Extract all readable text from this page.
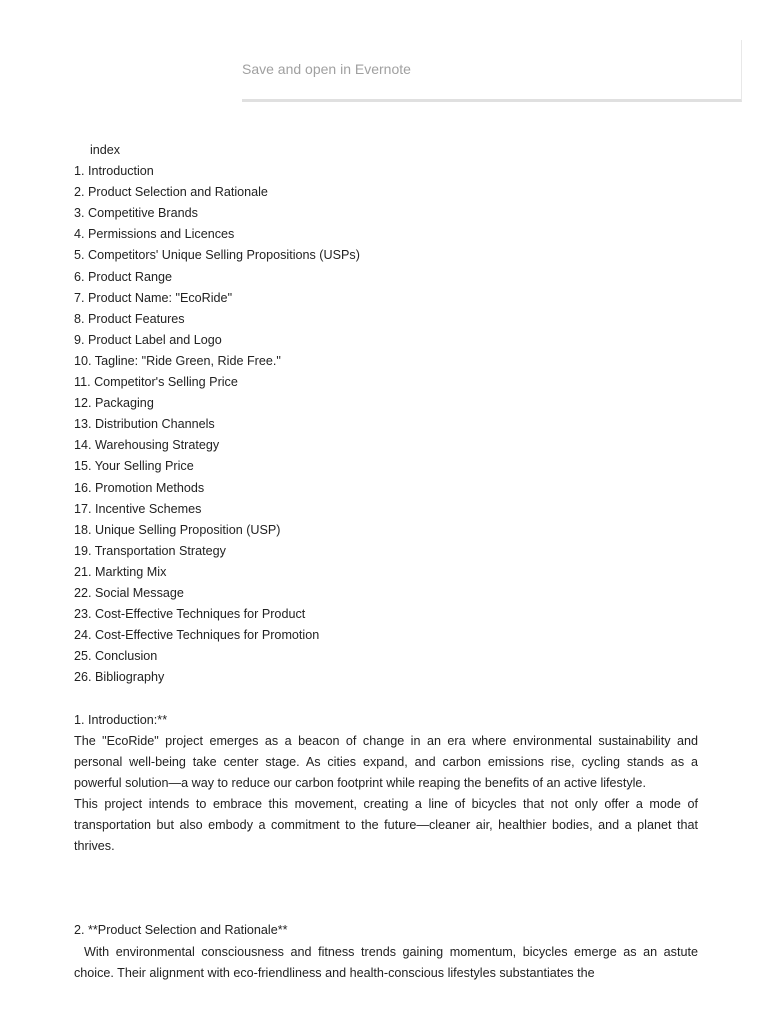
Save and open in Evernote
index
1. Introduction
2. Product Selection and Rationale
3. Competitive Brands
4. Permissions and Licences
5. Competitors' Unique Selling Propositions (USPs)
6. Product Range
7. Product Name: "EcoRide"
8. Product Features
9. Product Label and Logo
10. Tagline: "Ride Green, Ride Free."
11. Competitor's Selling Price
12. Packaging
13. Distribution Channels
14. Warehousing Strategy
15. Your Selling Price
16. Promotion Methods
17. Incentive Schemes
18. Unique Selling Proposition (USP)
19. Transportation Strategy
21. Markting Mix
22. Social Message
23. Cost-Effective Techniques for Product
24. Cost-Effective Techniques for Promotion
25. Conclusion
26. Bibliography
1. Introduction:**

The "EcoRide" project emerges as a beacon of change in an era where environmental sustainability and personal well-being take center stage. As cities expand, and carbon emissions rise, cycling stands as a powerful solution—a way to reduce our carbon footprint while reaping the benefits of an active lifestyle.

This project intends to embrace this movement, creating a line of bicycles that not only offer a mode of transportation but also embody a commitment to the future—cleaner air, healthier bodies, and a planet that thrives.

2. **Product Selection and Rationale**

With environmental consciousness and fitness trends gaining momentum, bicycles emerge as an astute choice. Their alignment with eco-friendliness and health-conscious lifestyles substantiates the
